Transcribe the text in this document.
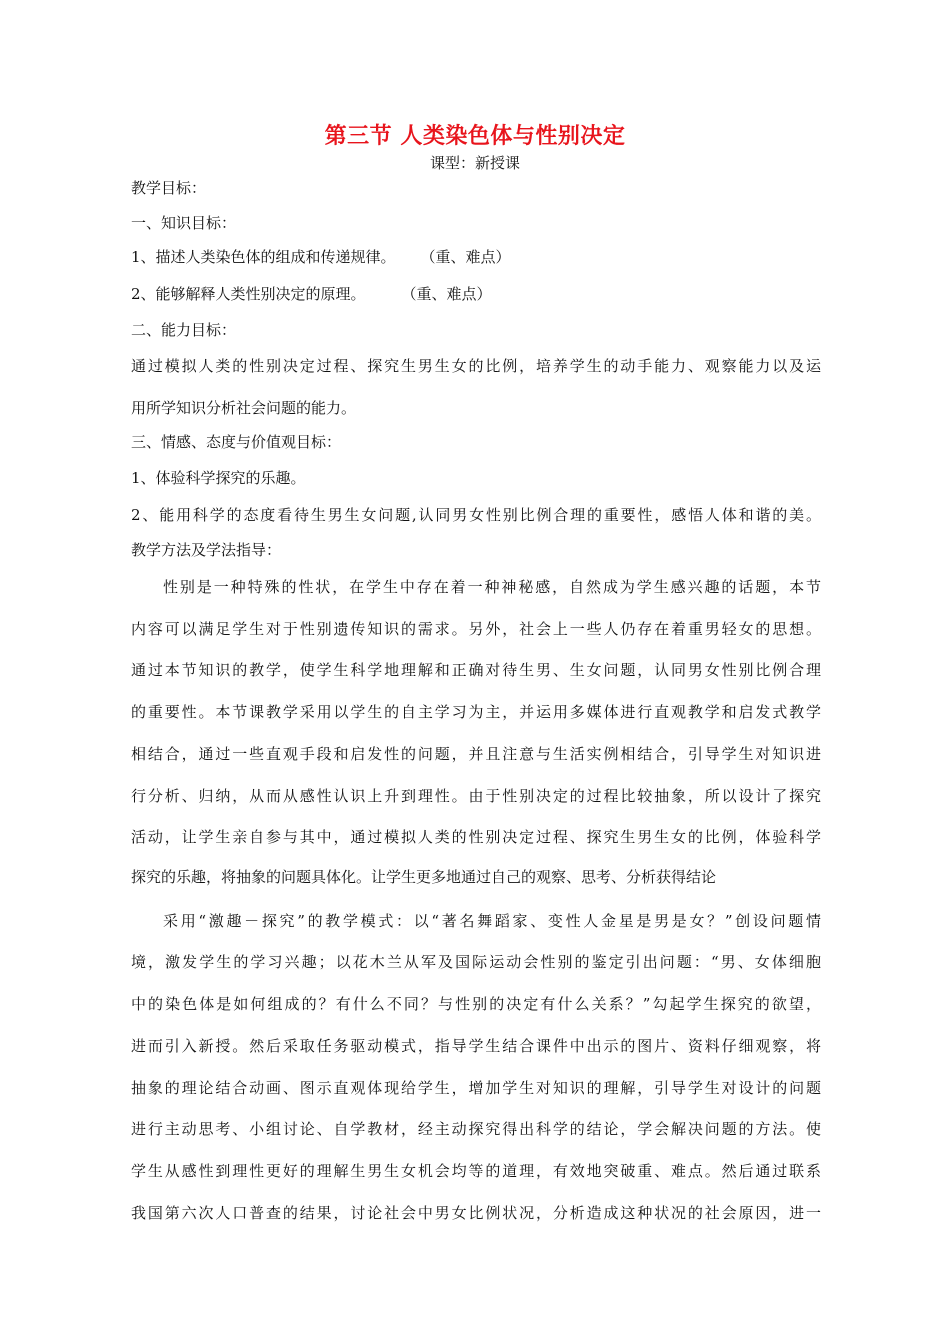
第三节 人类染色体与性别决定
课型：新授课
教学目标：
一、知识目标：
1、描述人类染色体的组成和传递规律。 （重、难点）
2、能够解释人类性别决定的原理。 （重、难点）
二、能力目标：
通过模拟人类的性别决定过程、探究生男生女的比例，培养学生的动手能力、观察能力以及运
用所学知识分析社会问题的能力。
三、情感、态度与价值观目标：
1、体验科学探究的乐趣。
2、能用科学的态度看待生男生女问题,认同男女性别比例合理的重要性，感悟人体和谐的美。
教学方法及学法指导：
性别是一种特殊的性状，在学生中存在着一种神秘感，自然成为学生感兴趣的话题，本节
内容可以满足学生对于性别遗传知识的需求。另外，社会上一些人仍存在着重男轻女的思想。
通过本节知识的教学，使学生科学地理解和正确对待生男、生女问题，认同男女性别比例合理
的重要性。本节课教学采用以学生的自主学习为主，并运用多媒体进行直观教学和启发式教学
相结合，通过一些直观手段和启发性的问题，并且注意与生活实例相结合，引导学生对知识进
行分析、归纳，从而从感性认识上升到理性。由于性别决定的过程比较抽象，所以设计了探究
活动，让学生亲自参与其中，通过模拟人类的性别决定过程、探究生男生女的比例，体验科学
探究的乐趣，将抽象的问题具体化。让学生更多地通过自己的观察、思考、分析获得结论
采用“激趣－探究”的教学模式：以“著名舞蹈家、变性人金星是男是女？”创设问题情
境，激发学生的学习兴趣；以花木兰从军及国际运动会性别的鉴定引出问题：“男、女体细胞
中的染色体是如何组成的？有什么不同？与性别的决定有什么关系？”勾起学生探究的欲望，
进而引入新授。然后采取任务驱动模式，指导学生结合课件中出示的图片、资料仔细观察，将
抽象的理论结合动画、图示直观体现给学生，增加学生对知识的理解，引导学生对设计的问题
进行主动思考、小组讨论、自学教材，经主动探究得出科学的结论，学会解决问题的方法。使
学生从感性到理性更好的理解生男生女机会均等的道理，有效地突破重、难点。然后通过联系
我国第六次人口普查的结果，讨论社会中男女比例状况，分析造成这种状况的社会原因，进一
